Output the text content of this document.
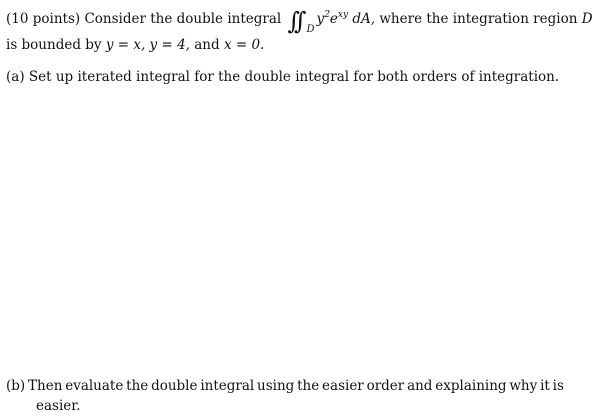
(10 points) Consider the double integral ∫∫ $_Dy^2e^{xy}$ dA, where the integration region D
is bounded by y = x, y = 4, and x = 0.
(a) Set up iterated integral for the double integral for both orders of integration.
(b) Then evaluate the double integral using the easier order and explaining why it is
easier.
